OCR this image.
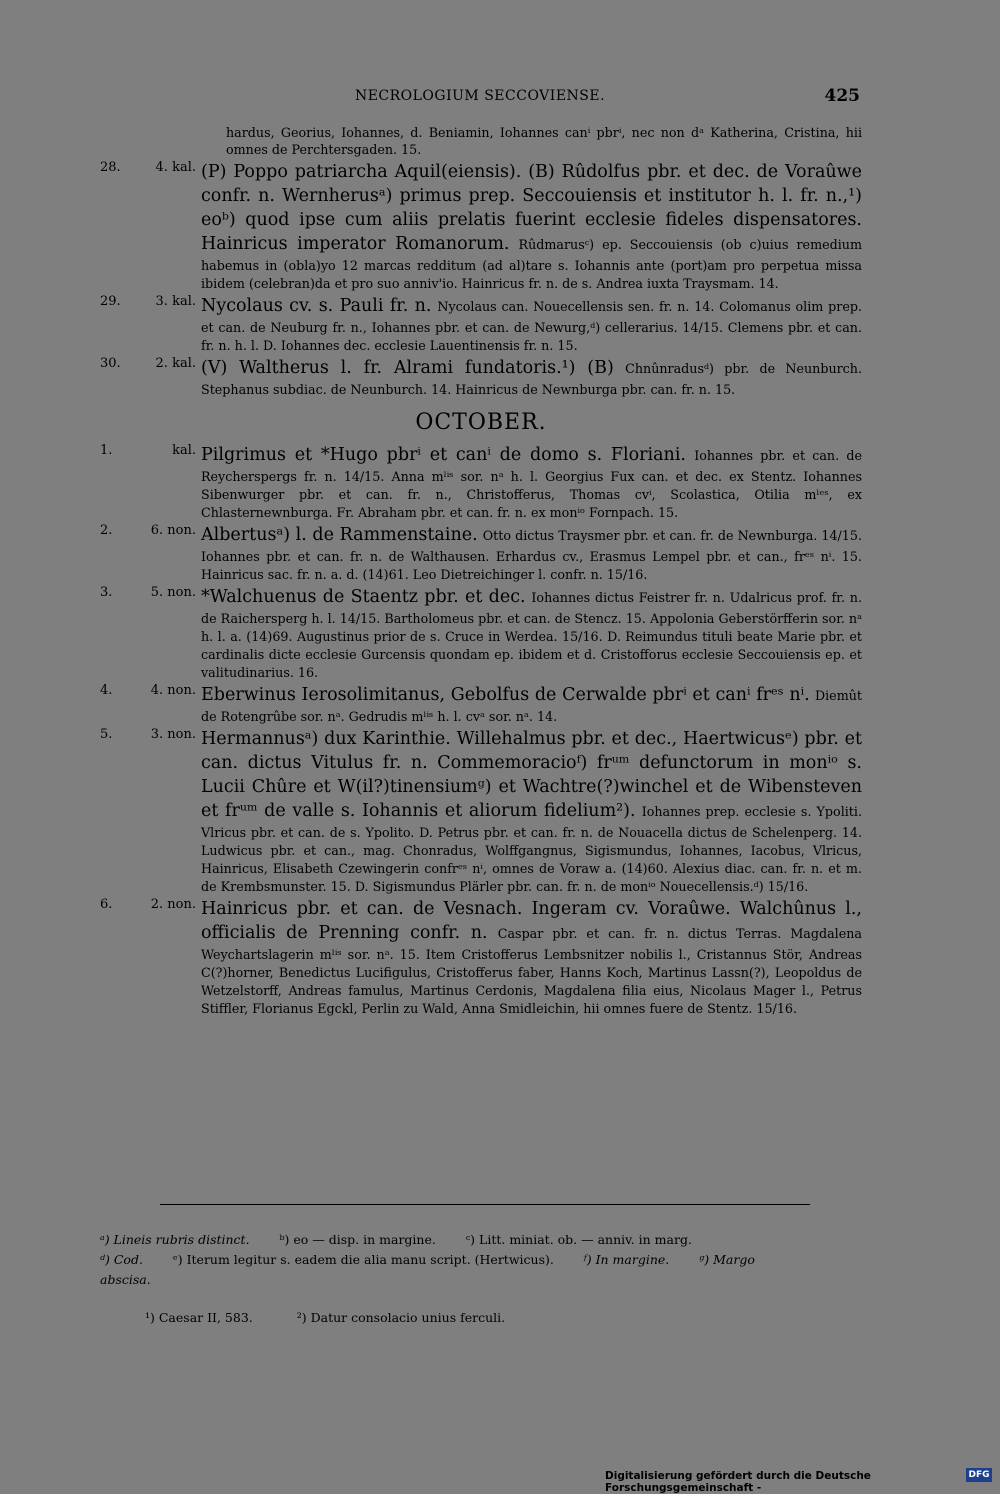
NECROLOGIUM SECCOVIENSE.	425
hardus, Georius, Iohannes, d. Beniamin, Iohannes canⁱ pbrⁱ, nec non dᵃ Katherina, Cristina, hii omnes de Perchtersgaden. 15.
28.	4. kal. (P) Poppo patriarcha Aquil(eiensis). (B) Rûdolfus pbr. et dec. de Voraûwe confr. n. Wernherusᵃ) primus prep. Seccouiensis et institutor h. l. fr. n.,¹) eoᵇ) quod ipse cum aliis prelatis fuerint ecclesie fideles dispensatores. Hainricus imperator Romanorum. Rûdmarusᶜ) ep. Seccouiensis (ob c)uius remedium habemus in (obla)yo 12 marcas redditum (ad al)tare s. Iohannis ante (port)am pro perpetua missa ibidem (celebran)da et pro suo anniv'io. Hainricus fr. n. de s. Andrea iuxta Traysmam. 14.
29.	3. kal. Nycolaus cv. s. Pauli fr. n. Nycolaus can. Nouecellensis sen. fr. n. 14. Colomanus olim prep. et can. de Neuburg fr. n., Iohannes pbr. et can. de Newurg,ᵈ) cellerarius. 14/15. Clemens pbr. et can. fr. n. h. l. D. Iohannes dec. ecclesie Lauentinensis fr. n. 15.
30.	2. kal. (V) Waltherus l. fr. Alrami fundatoris.¹) (B) Chnûnradusᵈ) pbr. de Neunburch. Stephanus subdiac. de Neunburch. 14. Hainricus de Newnburga pbr. can. fr. n. 15.
OCTOBER.
1.	kal. Pilgrimus et *Hugo pbrⁱ et canⁱ de domo s. Floriani. Iohannes pbr. et can. de Reycherspergs fr. n. 14/15. Anna mˡⁱˢ sor. nᵃ h. l. Georgius Fux can. et dec. ex Stentz. Iohannes Sibenwurger pbr. et can. fr. n., Christofferus, Thomas cvⁱ, Scolastica, Otilia mˡᵉˢ, ex Chlasternewnburga. Fr. Abraham pbr. et can. fr. n. ex monⁱᵒ Fornpach. 15.
2.	6. non. Albertusᵃ) l. de Rammenstaine. Otto dictus Traysmer pbr. et can. fr. de Newnburga. 14/15. Iohannes pbr. et can. fr. n. de Walthausen. Erhardus cv., Erasmus Lempel pbr. et can., frᵉˢ nⁱ. 15. Hainricus sac. fr. n. a. d. (14)61. Leo Dietreichinger l. confr. n. 15/16.
3.	5. non. *Walchuenus de Staentz pbr. et dec. Iohannes dictus Feistrer fr. n. Udalricus prof. fr. n. de Raichersperg h. l. 14/15. Bartholomeus pbr. et can. de Stencz. 15. Appolonia Geberstörfferin sor. nᵃ h. l. a. (14)69. Augustinus prior de s. Cruce in Werdea. 15/16. D. Reimundus tituli beate Marie pbr. et cardinalis dicte ecclesie Gurcensis quondam ep. ibidem et d. Cristofforus ecclesie Seccouiensis ep. et valitudinarius. 16.
4.	4. non. Eberwinus Ierosolimitanus, Gebolfus de Cerwalde pbrⁱ et canⁱ frᵉˢ nⁱ. Diemût de Rotengrûbe sor. nᵃ. Gedrudis mˡⁱˢ h. l. cvᵃ sor. nᵃ. 14.
5.	3. non. Hermannusᵃ) dux Karinthie. Willehalmus pbr. et dec., Haertwicusᵉ) pbr. et can. dictus Vitulus fr. n. Commemoracioᶠ) frᵘᵐ defunctorum in monⁱᵒ s. Lucii Chûre et W(il?)tinensiumᵍ) et Wachtre(?)winchel et de Wibensteven et frᵘᵐ de valle s. Iohannis et aliorum fidelium²). Iohannes prep. ecclesie s. Ypoliti. Vlricus pbr. et can. de s. Ypolito. D. Petrus pbr. et can. fr. n. de Nouacella dictus de Schelenperg. 14. Ludwicus pbr. et can., mag. Chonradus, Wolffgangnus, Sigismundus, Iohannes, Iacobus, Vlricus, Hainricus, Elisabeth Czewingerin confrᵉˢ nⁱ, omnes de Voraw a. (14)60. Alexius diac. can. fr. n. et m. de Krembsmunster. 15. D. Sigismundus Plärler pbr. can. fr. n. de monⁱᵒ Nouecellensis.ᵈ) 15/16.
6.	2. non. Hainricus pbr. et can. de Vesnach. Ingeram cv. Voraûwe. Walchûnus l., officialis de Prenning confr. n. Caspar pbr. et can. fr. n. dictus Terras. Magdalena Weychartslagerin mˡⁱˢ sor. nᵃ. 15. Item Cristofferus Lembsnitzer nobilis l., Cristannus Stör, Andreas C(?)horner, Benedictus Lucifigulus, Cristofferus faber, Hanns Koch, Martinus Lassn(?), Leopoldus de Wetzelstorff, Andreas famulus, Martinus Cerdonis, Magdalena filia eius, Nicolaus Mager l., Petrus Stiffler, Florianus Egckl, Perlin zu Wald, Anna Smidleichin, hii omnes fuere de Stentz. 15/16.
ᵃ) Lineis rubris distinct. ᵇ) eo — disp. in margine. ᶜ) Litt. miniat. ob. — anniv. in marg.
ᵈ) Cod. ᵉ) Iterum legitur s. eadem die alia manu script. (Hertwicus). ᶠ) In margine. ᵍ) Margo
abscisa.
¹) Caesar II, 583.	²) Datur consolacio unius ferculi.
Digitalisierung gefördert durch die Deutsche Forschungsgemeinschaft -
DFG
